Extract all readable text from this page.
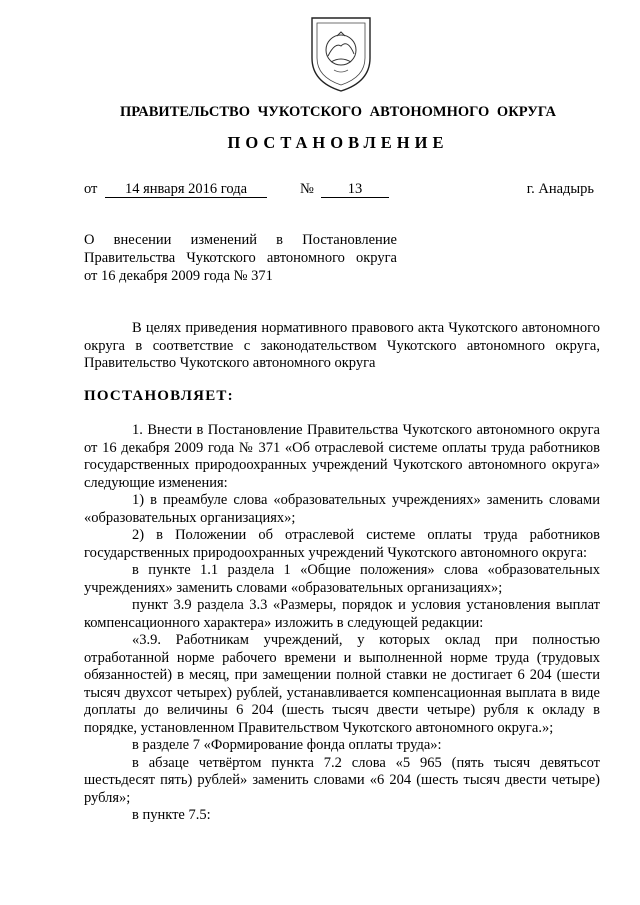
ПРАВИТЕЛЬСТВО ЧУКОТСКОГО АВТОНОМНОГО ОКРУГА
ПОСТАНОВЛЕНИЕ
от	14 января 2016 года	№	13	г. Анадырь
О внесении изменений в Постановление
Правительства Чукотского автономного округа
от 16 декабря 2009 года № 371
В целях приведения нормативного правового акта Чукотского автономного округа в соответствие с законодательством Чукотского автономного округа, Правительство Чукотского автономного округа
ПОСТАНОВЛЯЕТ:

1. Внести в Постановление Правительства Чукотского автономного округа от 16 декабря 2009 года № 371 «Об отраслевой системе оплаты труда работников государственных природоохранных учреждений Чукотского автономного округа» следующие изменения:

1) в преамбуле слова «образовательных учреждениях» заменить словами «образовательных организациях»;

2) в Положении об отраслевой системе оплаты труда работников государственных природоохранных учреждений Чукотского автономного округа:

в пункте 1.1 раздела 1 «Общие положения» слова «образовательных учреждениях» заменить словами «образовательных организациях»;

пункт 3.9 раздела 3.3 «Размеры, порядок и условия установления выплат компенсационного характера» изложить в следующей редакции:

«3.9. Работникам учреждений, у которых оклад при полностью отработанной норме рабочего времени и выполненной норме труда (трудовых обязанностей) в месяц, при замещении полной ставки не достигает 6 204 (шести тысяч двухсот четырех) рублей, устанавливается компенсационная выплата в виде доплаты до величины 6 204 (шесть тысяч двести четыре) рубля к окладу в порядке, установленном Правительством Чукотского автономного округа.»;

в разделе 7 «Формирование фонда оплаты труда»:

в абзаце четвёртом пункта 7.2 слова «5 965 (пять тысяч девятьсот шестьдесят пять) рублей» заменить словами «6 204 (шесть тысяч двести четыре) рубля»;

в пункте 7.5:
